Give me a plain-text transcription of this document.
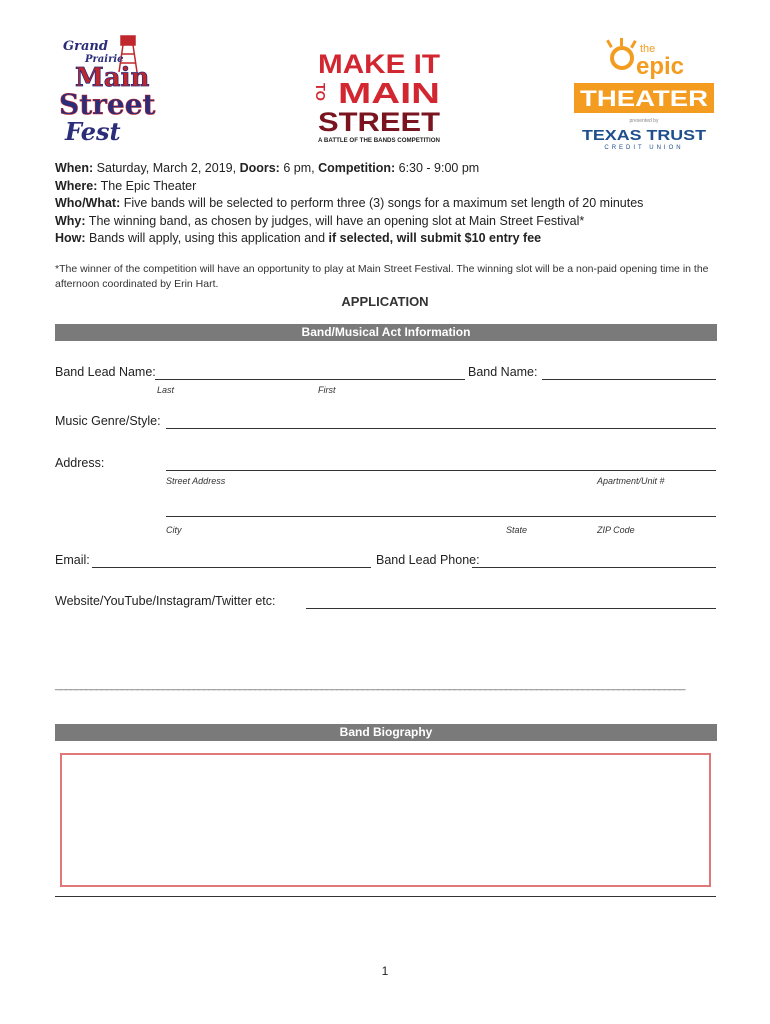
Grand
Prairie
Main
Street
Fest
MAKE IT
TO MAIN
STREET
A BATTLE OF THE BANDS COMPETITION
the
epic
THEATER
presented by
TEXAS TRUST
CREDIT UNION
When: Saturday, March 2, 2019, Doors: 6 pm, Competition: 6:30 - 9:00 pm
Where: The Epic Theater
Who/What: Five bands will be selected to perform three (3) songs for a maximum set length of 20 minutes
Why: The winning band, as chosen by judges, will have an opening slot at Main Street Festival*
How: Bands will apply, using this application and if selected, will submit $10 entry fee
*The winner of the competition will have an opportunity to play at Main Street Festival. The winning slot will be a non-paid opening time in the afternoon coordinated by Erin Hart.
APPLICATION
Band/Musical Act Information
Band Lead Name:
Last	First
Band Name:
Music Genre/Style:
Address:
Street Address	Apartment/Unit #
City	State	ZIP Code
Email:	Band Lead Phone:
Website/YouTube/Instagram/Twitter etc:
___________________________________________________________________________________________________________________________
Band Biography
1
